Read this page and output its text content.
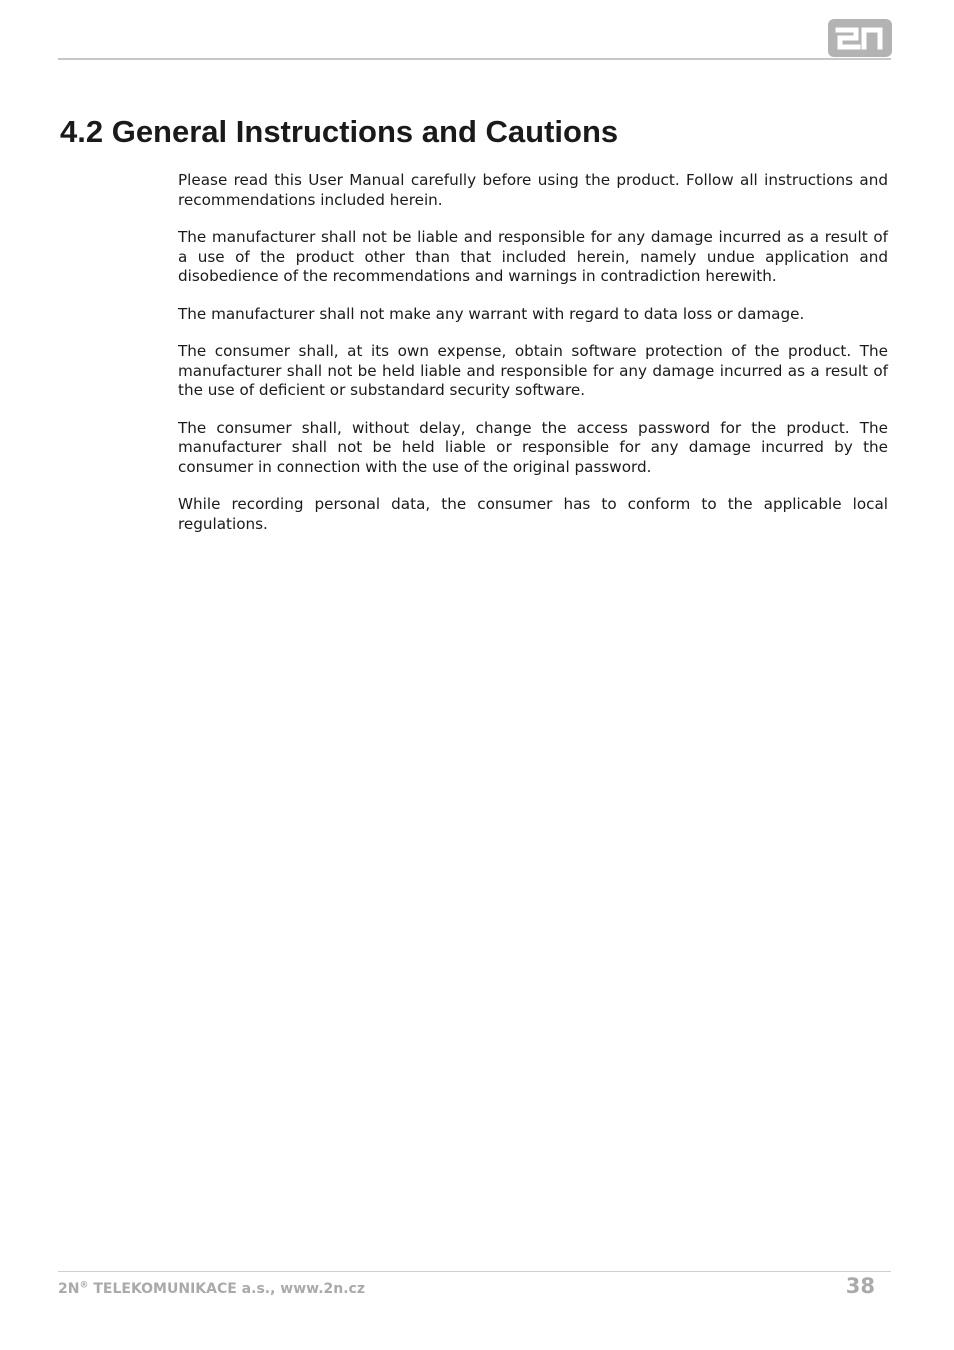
4.2 General Instructions and Cautions

Please read this User Manual carefully before using the product. Follow all instructions and recommendations included herein.

The manufacturer shall not be liable and responsible for any damage incurred as a result of a use of the product other than that included herein, namely undue application and disobedience of the recommendations and warnings in contradiction herewith.

The manufacturer shall not make any warrant with regard to data loss or damage.

The consumer shall, at its own expense, obtain software protection of the product. The manufacturer shall not be held liable and responsible for any damage incurred as a result of the use of deficient or substandard security software.

The consumer shall, without delay, change the access password for the product. The manufacturer shall not be held liable or responsible for any damage incurred by the consumer in connection with the use of the original password.

While recording personal data, the consumer has to conform to the applicable local regulations.

2N® TELEKOMUNIKACE a.s., www.2n.cz	38
